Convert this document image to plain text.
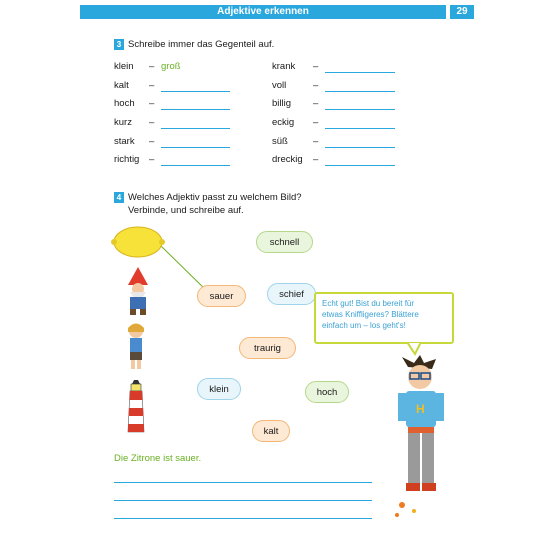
Adjektive erkennen	29
3 Schreibe immer das Gegenteil auf.
klein – groß
kalt –
hoch –
kurz –
stark –
richtig –
krank –
voll	–
billig –
eckig –
süß	–
dreckig –
4 Welches Adjektiv passt zu welchem Bild?
Verbinde, und schreibe auf.
schnell
sauer	schief
traurig
klein	hoch
kalt
Echt gut! Bist du bereit für
etwas Kniffligeres? Blättere
einfach um – los geht's!
H
Die Zitrone ist sauer.
